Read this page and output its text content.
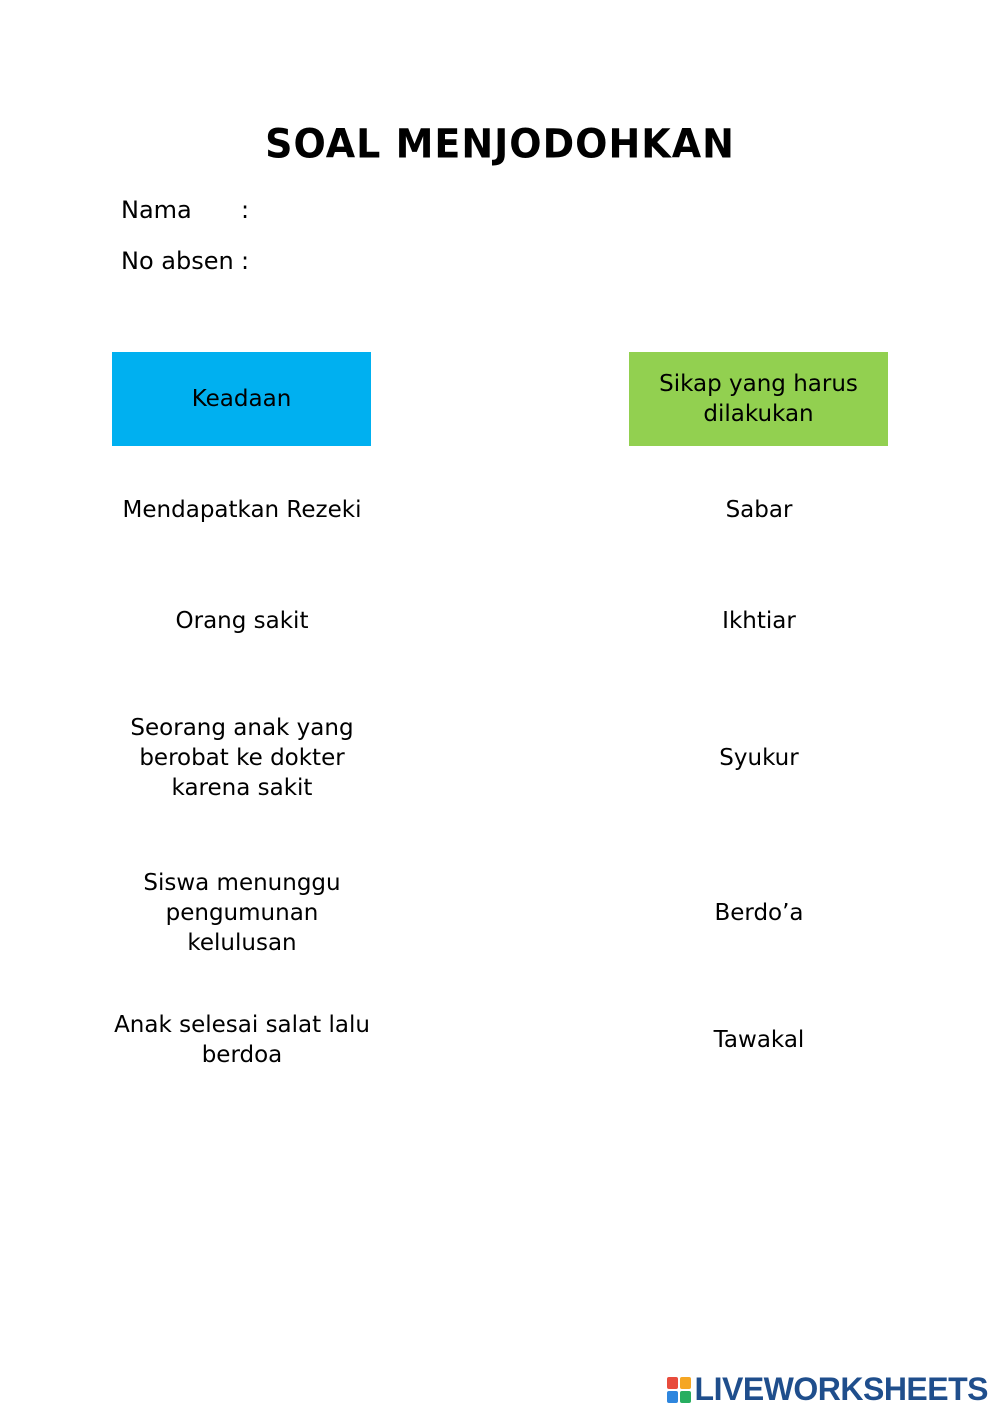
SOAL MENJODOHKAN
Nama :
No absen :
Keadaan
Sikap yang harus dilakukan
Mendapatkan Rezeki
Orang sakit
Seorang anak yang berobat ke dokter karena sakit
Siswa menunggu pengumunan kelulusan
Anak selesai salat lalu berdoa
Sabar
Ikhtiar
Syukur
Berdo’a
Tawakal
LIVEWORKSHEETS
